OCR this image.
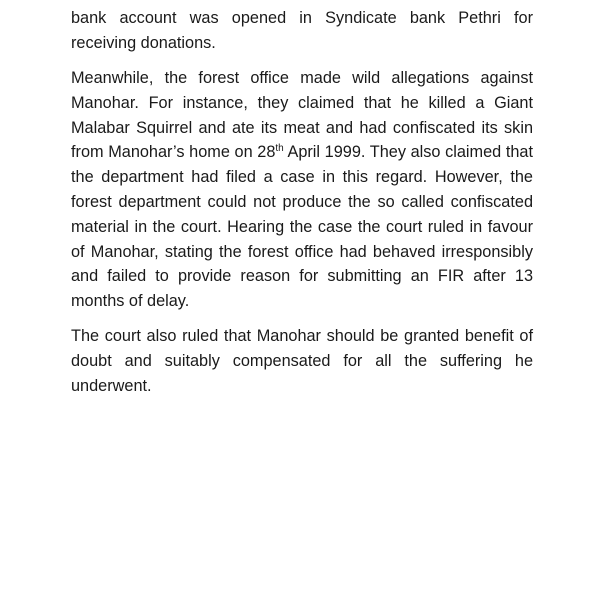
bank account was opened in Syndicate bank Pethri for receiving donations.

Meanwhile, the forest office made wild allegations against Manohar. For instance, they claimed that he killed a Giant Malabar Squirrel and ate its meat and had confiscated its skin from Manohar’s home on 28th April 1999. They also claimed that the department had filed a case in this regard. However, the forest department could not produce the so called confiscated material in the court. Hearing the case the court ruled in favour of Manohar, stating the forest office had behaved irresponsibly and failed to provide reason for submitting an FIR after 13 months of delay.

The court also ruled that Manohar should be granted benefit of doubt and suitably compensated for all the suffering he underwent.
